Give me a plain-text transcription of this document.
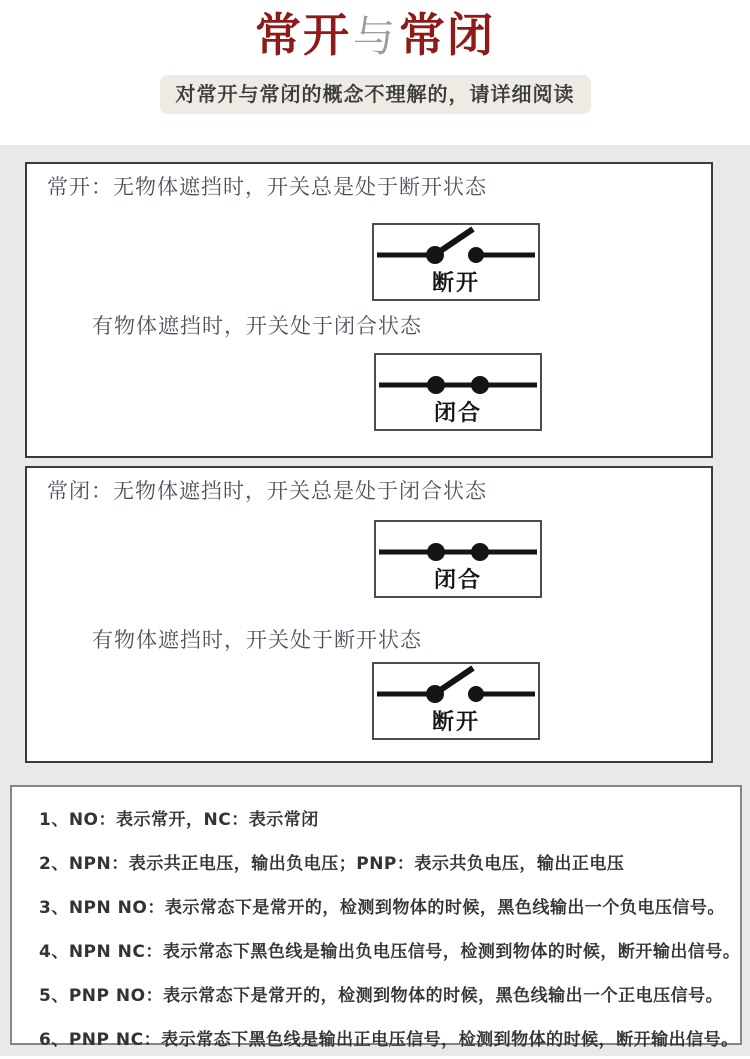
常开与常闭
对常开与常闭的概念不理解的，请详细阅读

常开：无物体遮挡时，开关总是处于断开状态

断开

有物体遮挡时，开关处于闭合状态

闭合

常闭：无物体遮挡时，开关总是处于闭合状态

闭合

有物体遮挡时，开关处于断开状态

断开
1、NO：表示常开，NC：表示常闭
2、NPN：表示共正电压，输出负电压；PNP：表示共负电压，输出正电压
3、NPN NO：表示常态下是常开的，检测到物体的时候，黑色线输出一个负电压信号。
4、NPN NC：表示常态下黑色线是输出负电压信号，检测到物体的时候，断开输出信号。
5、PNP NO：表示常态下是常开的，检测到物体的时候，黑色线输出一个正电压信号。
6、PNP NC：表示常态下黑色线是输出正电压信号，检测到物体的时候，断开输出信号。
